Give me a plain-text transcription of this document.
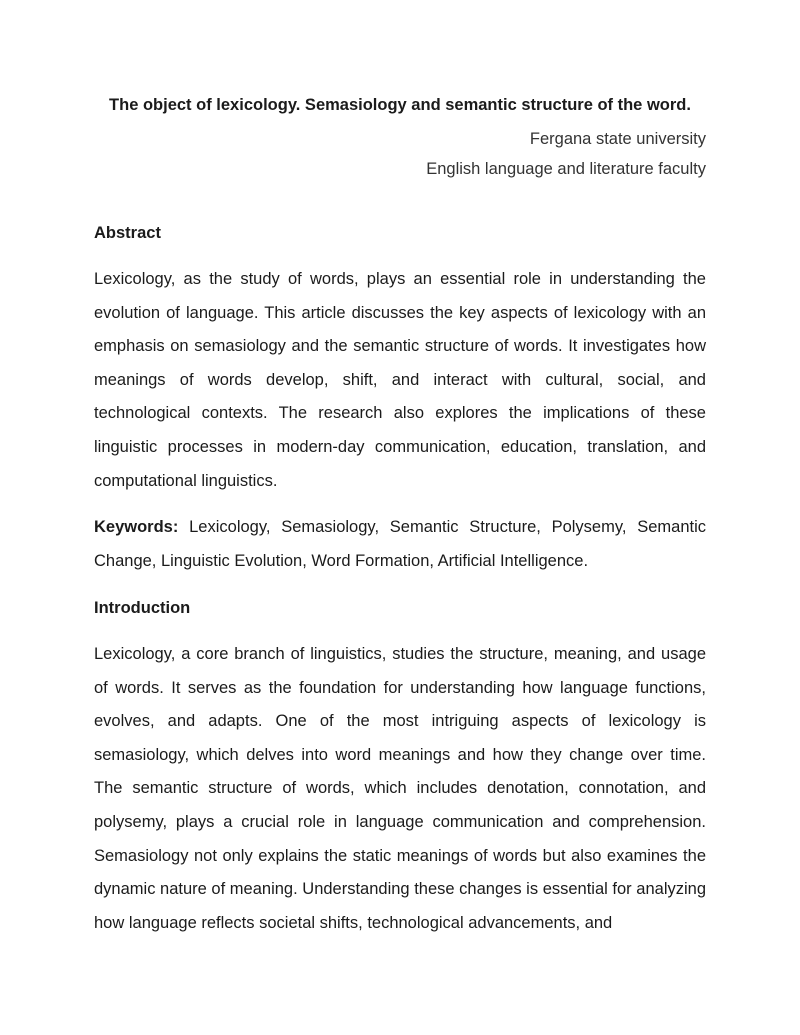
The object of lexicology. Semasiology and semantic structure of the word.

Fergana state university

English language and literature faculty

Abstract

Lexicology, as the study of words, plays an essential role in understanding the evolution of language. This article discusses the key aspects of lexicology with an emphasis on semasiology and the semantic structure of words. It investigates how meanings of words develop, shift, and interact with cultural, social, and technological contexts. The research also explores the implications of these linguistic processes in modern-day communication, education, translation, and computational linguistics.

Keywords: Lexicology, Semasiology, Semantic Structure, Polysemy, Semantic Change, Linguistic Evolution, Word Formation, Artificial Intelligence.

Introduction

Lexicology, a core branch of linguistics, studies the structure, meaning, and usage of words. It serves as the foundation for understanding how language functions, evolves, and adapts. One of the most intriguing aspects of lexicology is semasiology, which delves into word meanings and how they change over time. The semantic structure of words, which includes denotation, connotation, and polysemy, plays a crucial role in language communication and comprehension. Semasiology not only explains the static meanings of words but also examines the dynamic nature of meaning. Understanding these changes is essential for analyzing how language reflects societal shifts, technological advancements, and
